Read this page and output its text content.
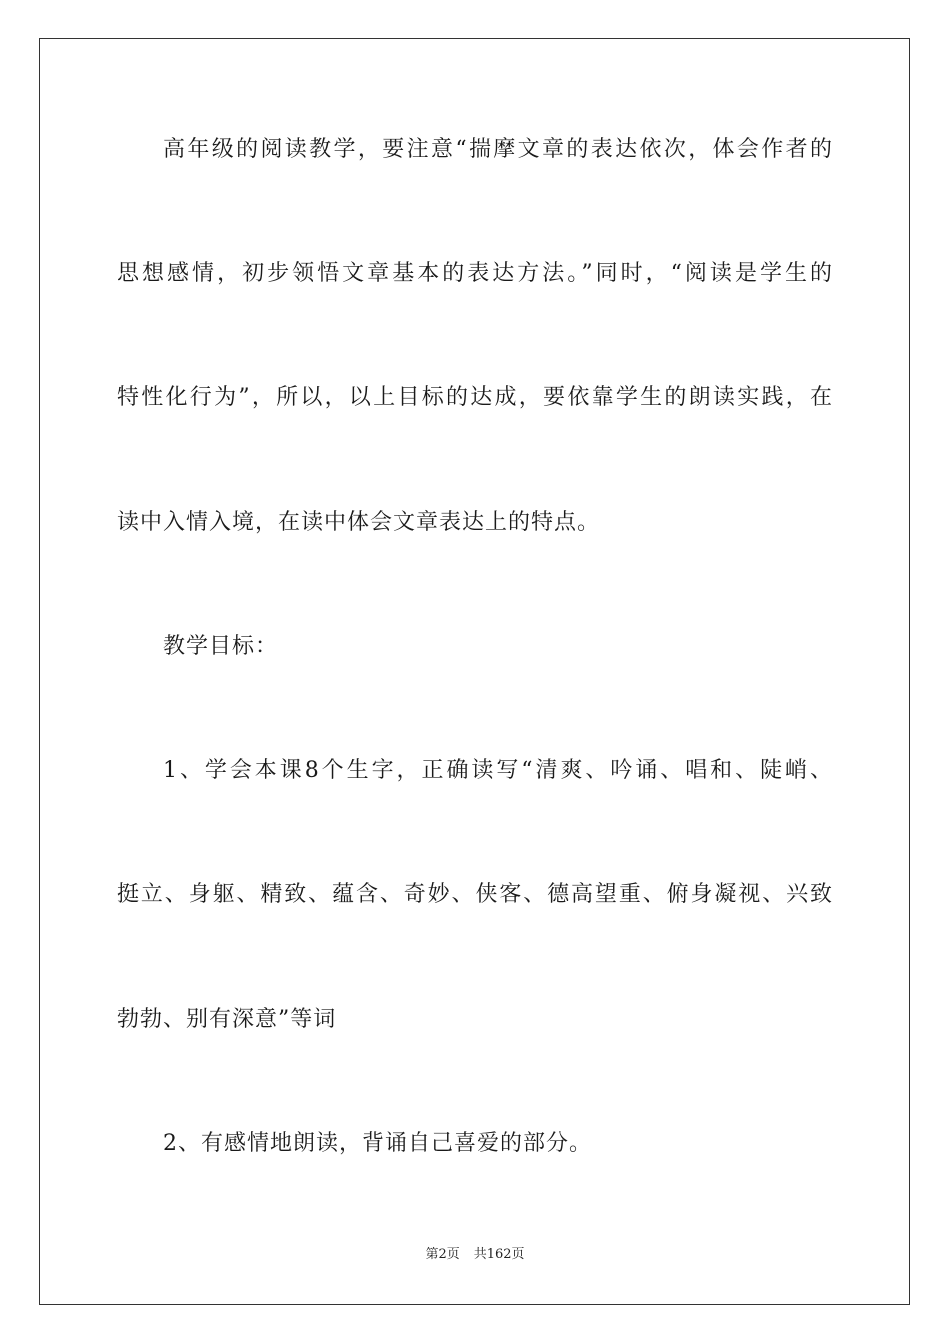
高年级的阅读教学，要注意“揣摩文章的表达依次，体会作者的
思想感情，初步领悟文章基本的表达方法。”同时，“阅读是学生的
特性化行为”，所以，以上目标的达成，要依靠学生的朗读实践，在
读中入情入境，在读中体会文章表达上的特点。
教学目标：
1、学会本课8个生字，正确读写“清爽、吟诵、唱和、陡峭、
挺立、身躯、精致、蕴含、奇妙、侠客、德高望重、俯身凝视、兴致
勃勃、别有深意”等词
2、有感情地朗读，背诵自己喜爱的部分。
第2页 共162页
